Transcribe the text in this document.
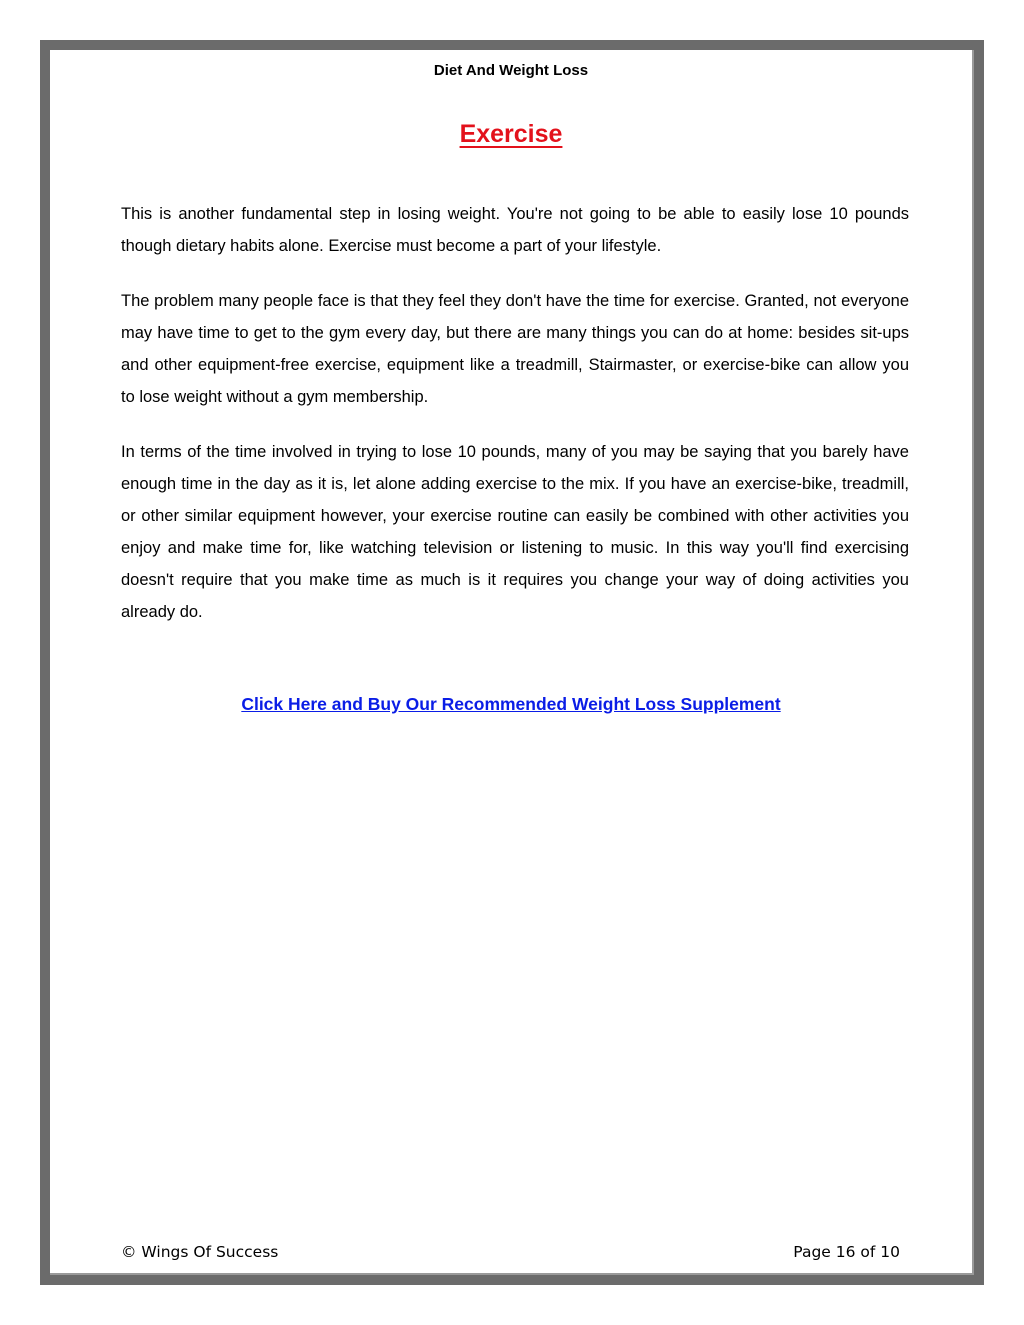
Diet And Weight Loss
Exercise

This is another fundamental step in losing weight. You're not going to be able to easily lose 10 pounds though dietary habits alone. Exercise must become a part of your lifestyle.

The problem many people face is that they feel they don't have the time for exercise. Granted, not everyone may have time to get to the gym every day, but there are many things you can do at home: besides sit-ups and other equipment-free exercise, equipment like a treadmill, Stairmaster, or exercise-bike can allow you to lose weight without a gym membership.

In terms of the time involved in trying to lose 10 pounds, many of you may be saying that you barely have enough time in the day as it is, let alone adding exercise to the mix. If you have an exercise-bike, treadmill, or other similar equipment however, your exercise routine can easily be combined with other activities you enjoy and make time for, like watching television or listening to music. In this way you'll find exercising doesn't require that you make time as much is it requires you change your way of doing activities you already do.

Click Here and Buy Our Recommended Weight Loss Supplement
© Wings Of Success	Page 16 of 10
